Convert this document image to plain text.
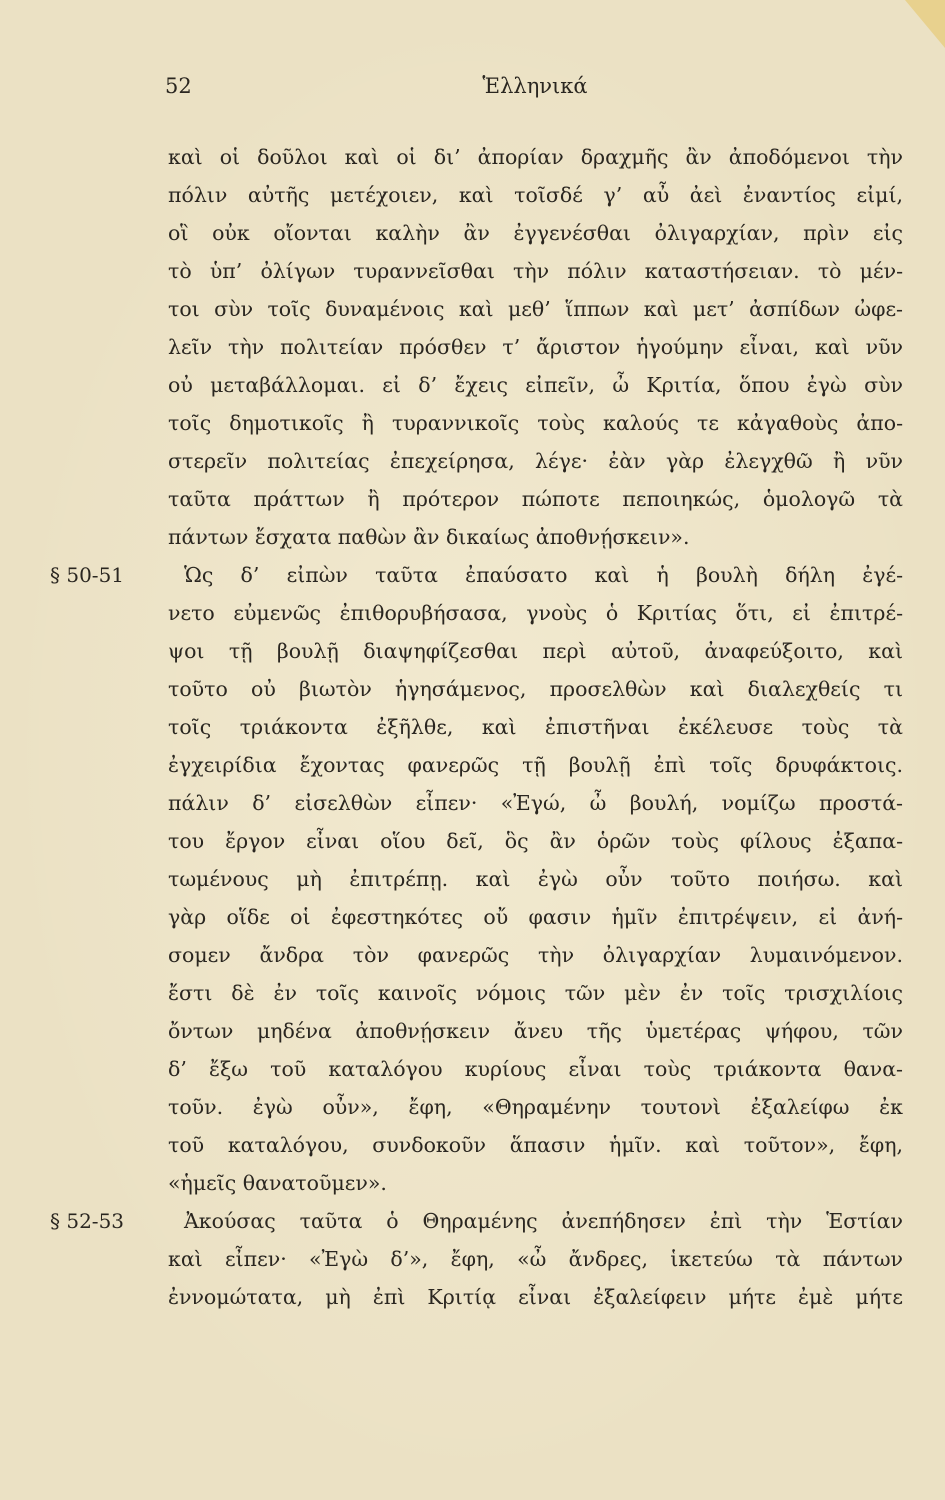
52	Ἑλληνικά
καὶ οἱ δοῦλοι καὶ οἱ δι’ ἀπορίαν δραχμῆς ἂν ἀποδόμενοι τὴν
πόλιν αὐτῆς μετέχοιεν, καὶ τοῖσδέ γ’ αὖ ἀεὶ ἐναντίος εἰμί,
οἳ οὐκ οἴονται καλὴν ἂν ἐγγενέσθαι ὀλιγαρχίαν, πρὶν εἰς
τὸ ὑπ’ ὀλίγων τυραννεῖσθαι τὴν πόλιν καταστήσειαν. τὸ μέν-
τοι σὺν τοῖς δυναμένοις καὶ μεθ’ ἵππων καὶ μετ’ ἀσπίδων ὠφε-
λεῖν τὴν πολιτείαν πρόσθεν τ’ ἄριστον ἡγούμην εἶναι, καὶ νῦν
οὐ μεταβάλλομαι. εἰ δ’ ἔχεις εἰπεῖν, ὦ Κριτία, ὅπου ἐγὼ σὺν
τοῖς δημοτικοῖς ἢ τυραννικοῖς τοὺς καλούς τε κἀγαθοὺς ἀπο-
στερεῖν πολιτείας ἐπεχείρησα, λέγε· ἐὰν γὰρ ἐλεγχθῶ ἢ νῦν
ταῦτα πράττων ἢ πρότερον πώποτε πεποιηκώς, ὁμολογῶ τὰ
πάντων ἔσχατα παθὼν ἂν δικαίως ἀποθνῄσκειν».
§ 50-51	Ὡς δ’ εἰπὼν ταῦτα ἐπαύσατο καὶ ἡ βουλὴ δήλη ἐγέ-
νετο εὐμενῶς ἐπιθορυβήσασα, γνοὺς ὁ Κριτίας ὅτι, εἰ ἐπιτρέ-
ψοι τῇ βουλῇ διαψηφίζεσθαι περὶ αὐτοῦ, ἀναφεύξοιτο, καὶ
τοῦτο οὐ βιωτὸν ἡγησάμενος, προσελθὼν καὶ διαλεχθείς τι
τοῖς τριάκοντα ἐξῆλθε, καὶ ἐπιστῆναι ἐκέλευσε τοὺς τὰ
ἐγχειρίδια ἔχοντας φανερῶς τῇ βουλῇ ἐπὶ τοῖς δρυφάκτοις.
πάλιν δ’ εἰσελθὼν εἶπεν· «Ἐγώ, ὦ βουλή, νομίζω προστά-
του ἔργον εἶναι οἵου δεῖ, ὃς ἂν ὁρῶν τοὺς φίλους ἐξαπα-
τωμένους μὴ ἐπιτρέπῃ. καὶ ἐγὼ οὖν τοῦτο ποιήσω. καὶ
γὰρ οἵδε οἱ ἐφεστηκότες οὔ φασιν ἡμῖν ἐπιτρέψειν, εἰ ἀνή-
σομεν ἄνδρα τὸν φανερῶς τὴν ὀλιγαρχίαν λυμαινόμενον.
ἔστι δὲ ἐν τοῖς καινοῖς νόμοις τῶν μὲν ἐν τοῖς τρισχιλίοις
ὄντων μηδένα ἀποθνῄσκειν ἄνευ τῆς ὑμετέρας ψήφου, τῶν
δ’ ἔξω τοῦ καταλόγου κυρίους εἶναι τοὺς τριάκοντα θανα-
τοῦν. ἐγὼ οὖν», ἔφη, «Θηραμένην τουτονὶ ἐξαλείφω ἐκ
τοῦ καταλόγου, συνδοκοῦν ἅπασιν ἡμῖν. καὶ τοῦτον», ἔφη,
«ἡμεῖς θανατοῦμεν».
§ 52-53	Ἀκούσας ταῦτα ὁ Θηραμένης ἀνεπήδησεν ἐπὶ τὴν Ἑστίαν
καὶ εἶπεν· «Ἐγὼ δ’», ἔφη, «ὦ ἄνδρες, ἱκετεύω τὰ πάντων
ἐννομώτατα, μὴ ἐπὶ Κριτίᾳ εἶναι ἐξαλείφειν μήτε ἐμὲ μήτε
